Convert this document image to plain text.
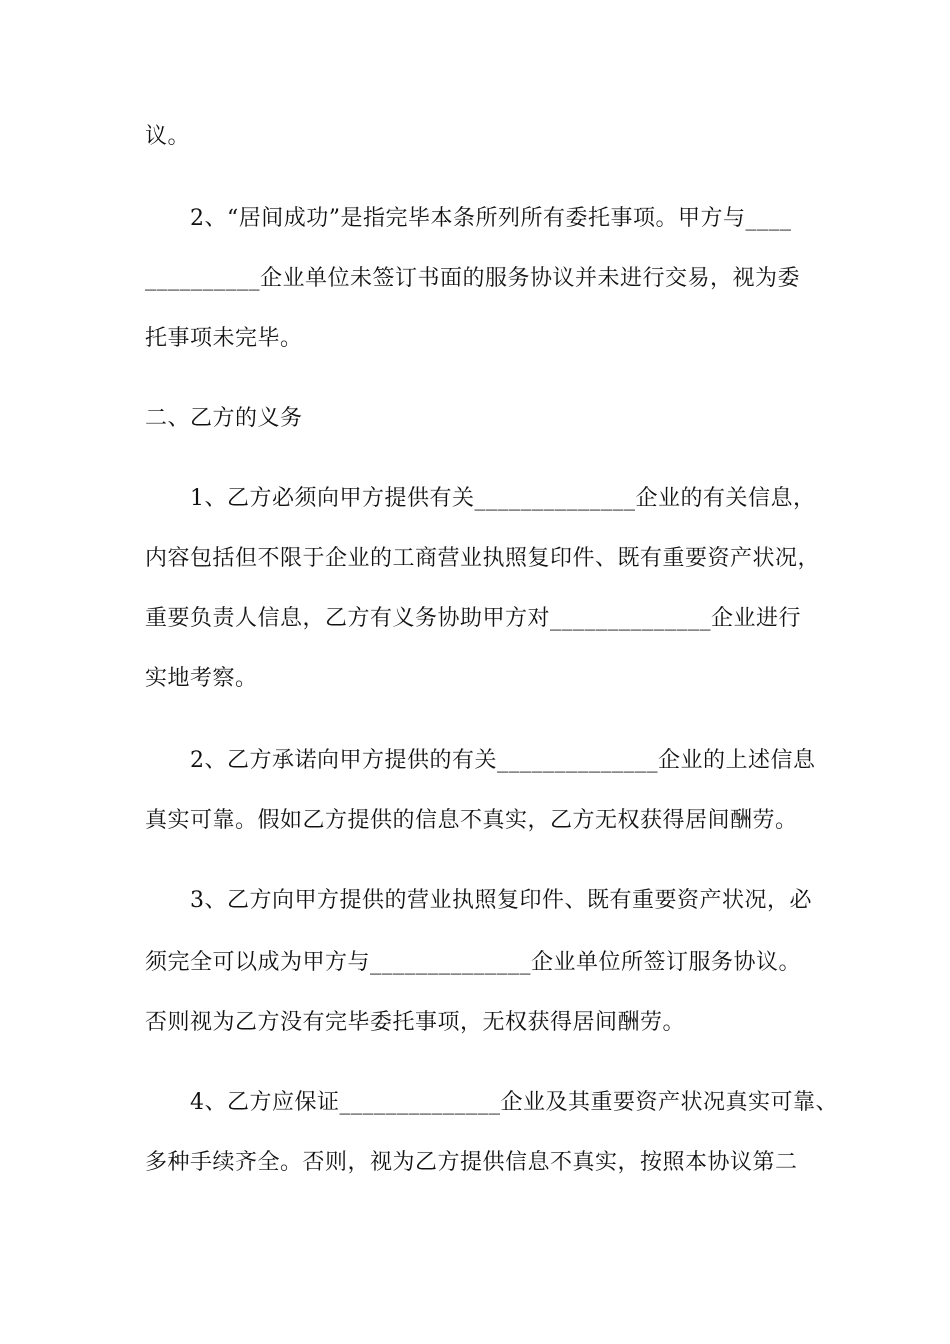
议。
2、“居间成功”是指完毕本条所列所有委托事项。甲方与____
__________企业单位未签订书面的服务协议并未进行交易，视为委
托事项未完毕。
二、乙方的义务
1、乙方必须向甲方提供有关______________企业的有关信息，
内容包括但不限于企业的工商营业执照复印件、既有重要资产状况，
重要负责人信息，乙方有义务协助甲方对______________企业进行
实地考察。
2、乙方承诺向甲方提供的有关______________企业的上述信息
真实可靠。假如乙方提供的信息不真实，乙方无权获得居间酬劳。
3、乙方向甲方提供的营业执照复印件、既有重要资产状况，必
须完全可以成为甲方与______________企业单位所签订服务协议。
否则视为乙方没有完毕委托事项，无权获得居间酬劳。
4、乙方应保证______________企业及其重要资产状况真实可靠、
多种手续齐全。否则，视为乙方提供信息不真实，按照本协议第二
